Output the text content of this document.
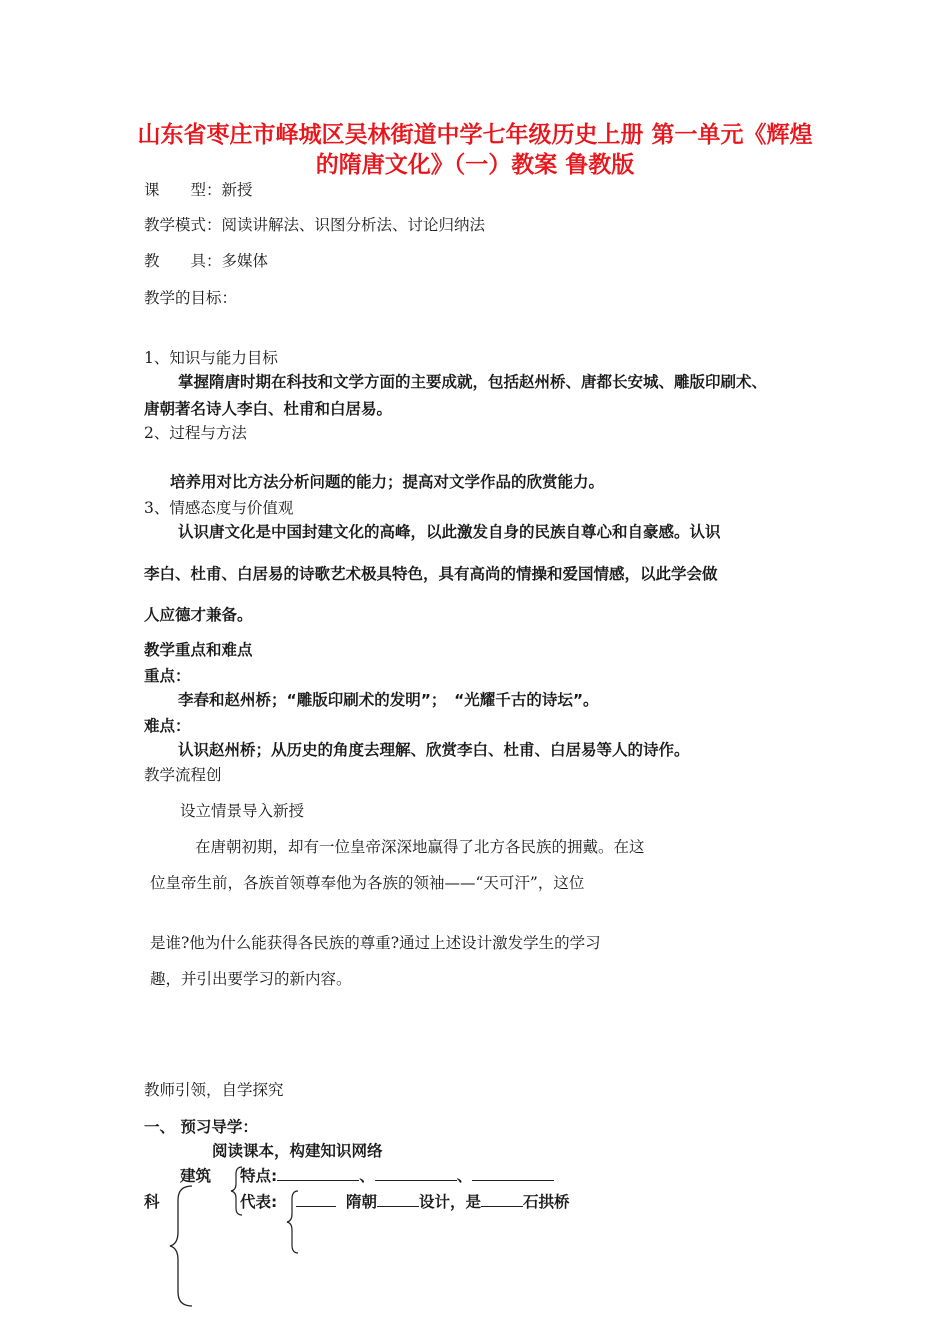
山东省枣庄市峄城区吴林街道中学七年级历史上册 第一单元《辉煌
的隋唐文化》（一）教案 鲁教版
课　　型：新授
教学模式：阅读讲解法、识图分析法、讨论归纳法
教　　具：多媒体
教学的目标：
1、知识与能力目标
掌握隋唐时期在科技和文学方面的主要成就，包括赵州桥、唐都长安城、雕版印刷术、
唐朝著名诗人李白、杜甫和白居易。
2、过程与方法
培养用对比方法分析问题的能力；提高对文学作品的欣赏能力。
3、情感态度与价值观
认识唐文化是中国封建文化的高峰，以此激发自身的民族自尊心和自豪感。认识
李白、杜甫、白居易的诗歌艺术极具特色，具有高尚的情操和爱国情感，以此学会做
人应德才兼备。
教学重点和难点
重点：
李春和赵州桥；“雕版印刷术的发明”；　“光耀千古的诗坛”。
难点：
认识赵州桥；从历史的角度去理解、欣赏李白、杜甫、白居易等人的诗作。
教学流程创
设立情景导入新授
在唐朝初期，却有一位皇帝深深地赢得了北方各民族的拥戴。在这
位皇帝生前，各族首领尊奉他为各族的领袖——“天可汗”，这位
是谁?他为什么能获得各民族的尊重?通过上述设计激发学生的学习
趣，并引出要学习的新内容。
教师引领，自学探究
一、 预习导学：
阅读课本，构建知识网络
建筑 特点:	、	、
科	代表:	隋朝	设计，是	石拱桥
